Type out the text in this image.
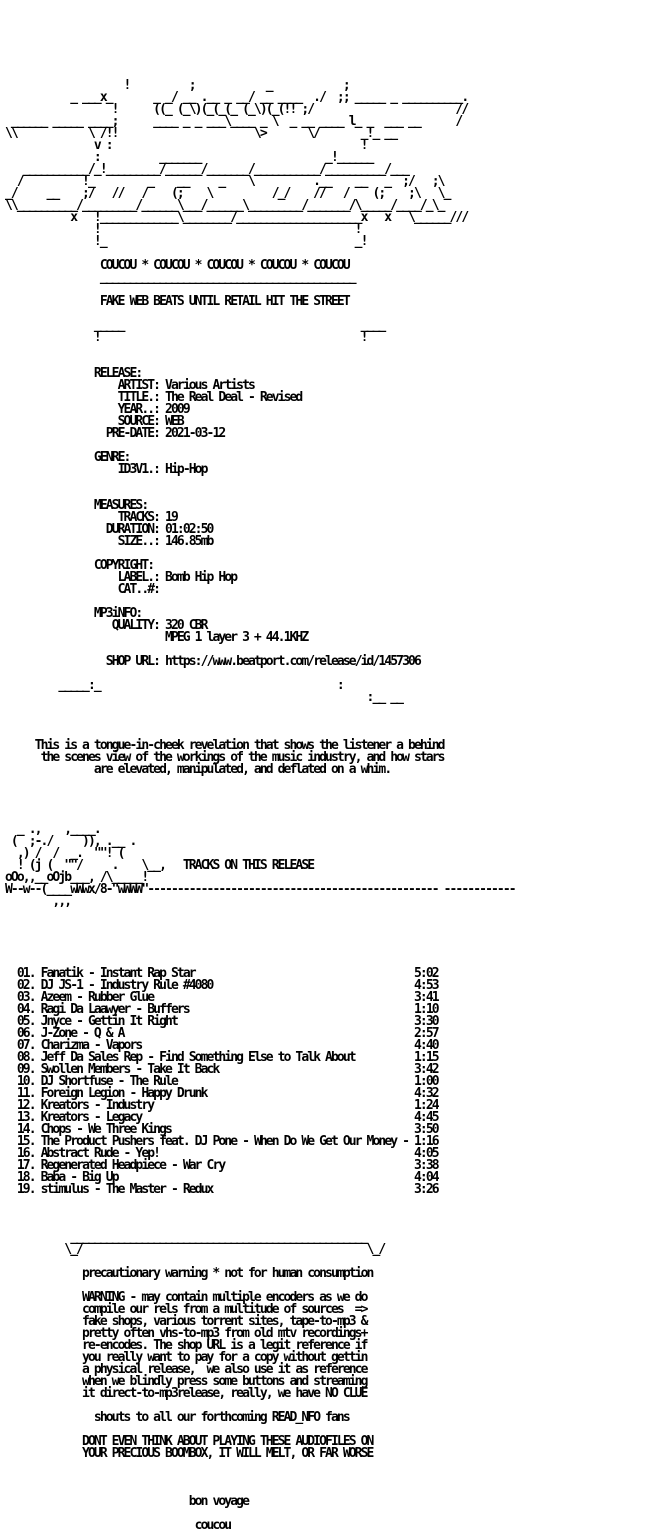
!          ;            _            ;
_ ___x_       _ _/ __ .__ _ __/ __ ____  ./  ;; _____ _ __________.
!      ((_ (_\)(_(_(_ (_\)(_(!! ;/                        //
______ _____ ____;      ____ _ _ ___\____ _ \  _ __ ____ l_ _  ___ __      /
\\            \ /!!                       \>       \/       _!_ __
v :                                          !
:          _______                     _!______
___________/_!_________/______/_______/___________/__________/___
/          !_         _    __     _    \          .__    __   _  ;/   ;\
_/     __    ;/   //   /    (;    \          /_/    //   /    (;    ;\   \_
\\__________/_________/______\___/______\_________/_______/\_____/____/_\_
x   !_____________\________/_____________________x   x   \______///
!                                           !
!_                                          _!
COUCOU * COUCOU * COUCOU * COUCOU * COUCOU
___________________________________________
FAKE WEB BEATS UNTIL RETAIL HIT THE STREET
_____	____
!                                            !
RELEASE:
ARTIST: Various Artists
TITLE.: The Real Deal - Revised
YEAR..: 2009
SOURCE: WEB
PRE-DATE: 2021-03-12
GENRE:
ID3V1.: Hip-Hop
MEASURES:
TRACKS: 19
DURATION: 01:02:50
SIZE..: 146.85mb
COPYRIGHT:
LABEL.: Bomb Hip Hop
CAT..#:
MP3iNFO:
QUALITY: 320 CBR
MPEG 1 layer 3 + 44.1KHZ
SHOP URL: https://www.beatport.com/release/id/1457306
_____:_	:
:__ __
This is a tongue-in-cheek revelation that shows the listener a behind
the scenes view of the workings of the music industry, and how stars
are elevated, manipulated, and deflated on a whim.
_ .,    ,____.
(  ;-./     )), .__ .
,) /  /  _.  ""! (
! (j (  ""/     .    \__, TRACKS ON THIS RELEASE
oOo,,__oOjb___, /\_____!
W--w--(____wWwx/8-"wWWW"------------------------------------------------- ------------
,,,
01. Fanatik - Instant Rap Star	5:02
02. DJ JS-1 - Industry Rule #4080	4:53
03. Azeem - Rubber Glue	3:41
04. Ragi Da Laawyer - Buffers	1:10
05. Jnyce - Gettin It Right	3:30
06. J-Zone - Q & A	2:57
07. Charizma - Vapors	4:40
08. Jeff Da Sales Rep - Find Something Else to Talk About	1:15
09. Swollen Members - Take It Back	3:42
10. DJ Shortfuse - The Rule	1:00
11. Foreign Legion - Happy Drunk	4:32
12. Kreators - Industry	1:24
13. Kreators - Legacy	4:45
14. Chops - We Three Kings	3:50
15. The Product Pushers feat. DJ Pone - When Do We Get Our Money - 1:16
16. Abstract Rude - Yep!	4:05
17. Regenerated Headpiece - War Cry	3:38
18. Baba - Big Up	4:04
19. stimulus - The Master - Redux	3:26
__________________________________________________
\_/                                                \_/
precautionary warning * not for human consumption
WARNING - may contain multiple encoders as we do
compile our rels from a multitude of sources  =>
fake shops, various torrent sites, tape-to-mp3 &
pretty often vhs-to-mp3 from old mtv recordings+
re-encodes. The shop URL is a legit reference if
you really want to pay for a copy without gettin
a physical release,  we also use it as reference
when we blindly press some buttons and streaming
it direct-to-mp3release, really, we have NO CLUE
shouts to all our forthcoming READ_NFO fans
DONT EVEN THINK ABOUT PLAYING THESE AUDIOFILES ON
YOUR PRECIOUS BOOMBOX, IT WILL MELT, OR FAR WORSE
bon voyage
coucou
